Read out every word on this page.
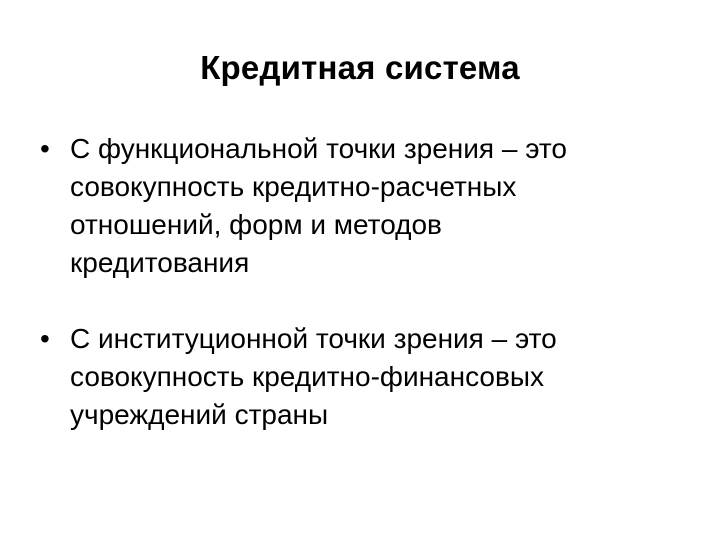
Кредитная система
• С функциональной точки зрения – это
совокупность кредитно-расчетных
отношений, форм и методов
кредитования
• С институционной точки зрения – это
совокупность кредитно-финансовых
учреждений страны
